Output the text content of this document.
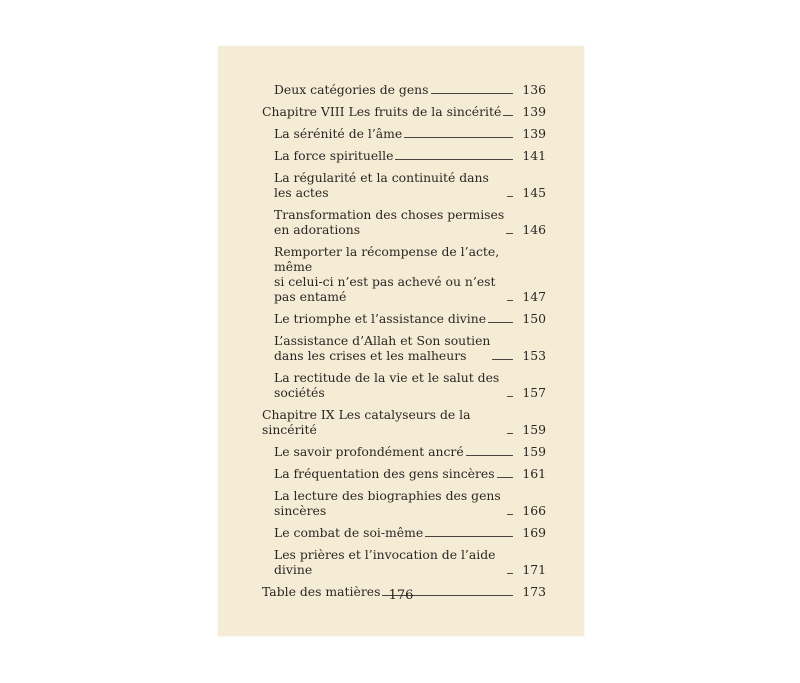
Deux catégories de gens	136
Chapitre VIII Les fruits de la sincérité	139
La sérénité de l’âme	139
La force spirituelle	141
La régularité et la continuité dans les actes	145
Transformation des choses permises
en adorations	146
Remporter la récompense de l’acte, même
si celui-ci n’est pas achevé ou n’est pas entamé	147
Le triomphe et l’assistance divine	150
L’assistance d’Allah et Son soutien
dans les crises et les malheurs	153
La rectitude de la vie et le salut des sociétés	157
Chapitre IX Les catalyseurs de la sincérité	159
Le savoir profondément ancré	159
La fréquentation des gens sincères	161
La lecture des biographies des gens sincères	166
Le combat de soi-même	169
Les prières et l’invocation de l’aide divine	171
Table des matières	173
176
